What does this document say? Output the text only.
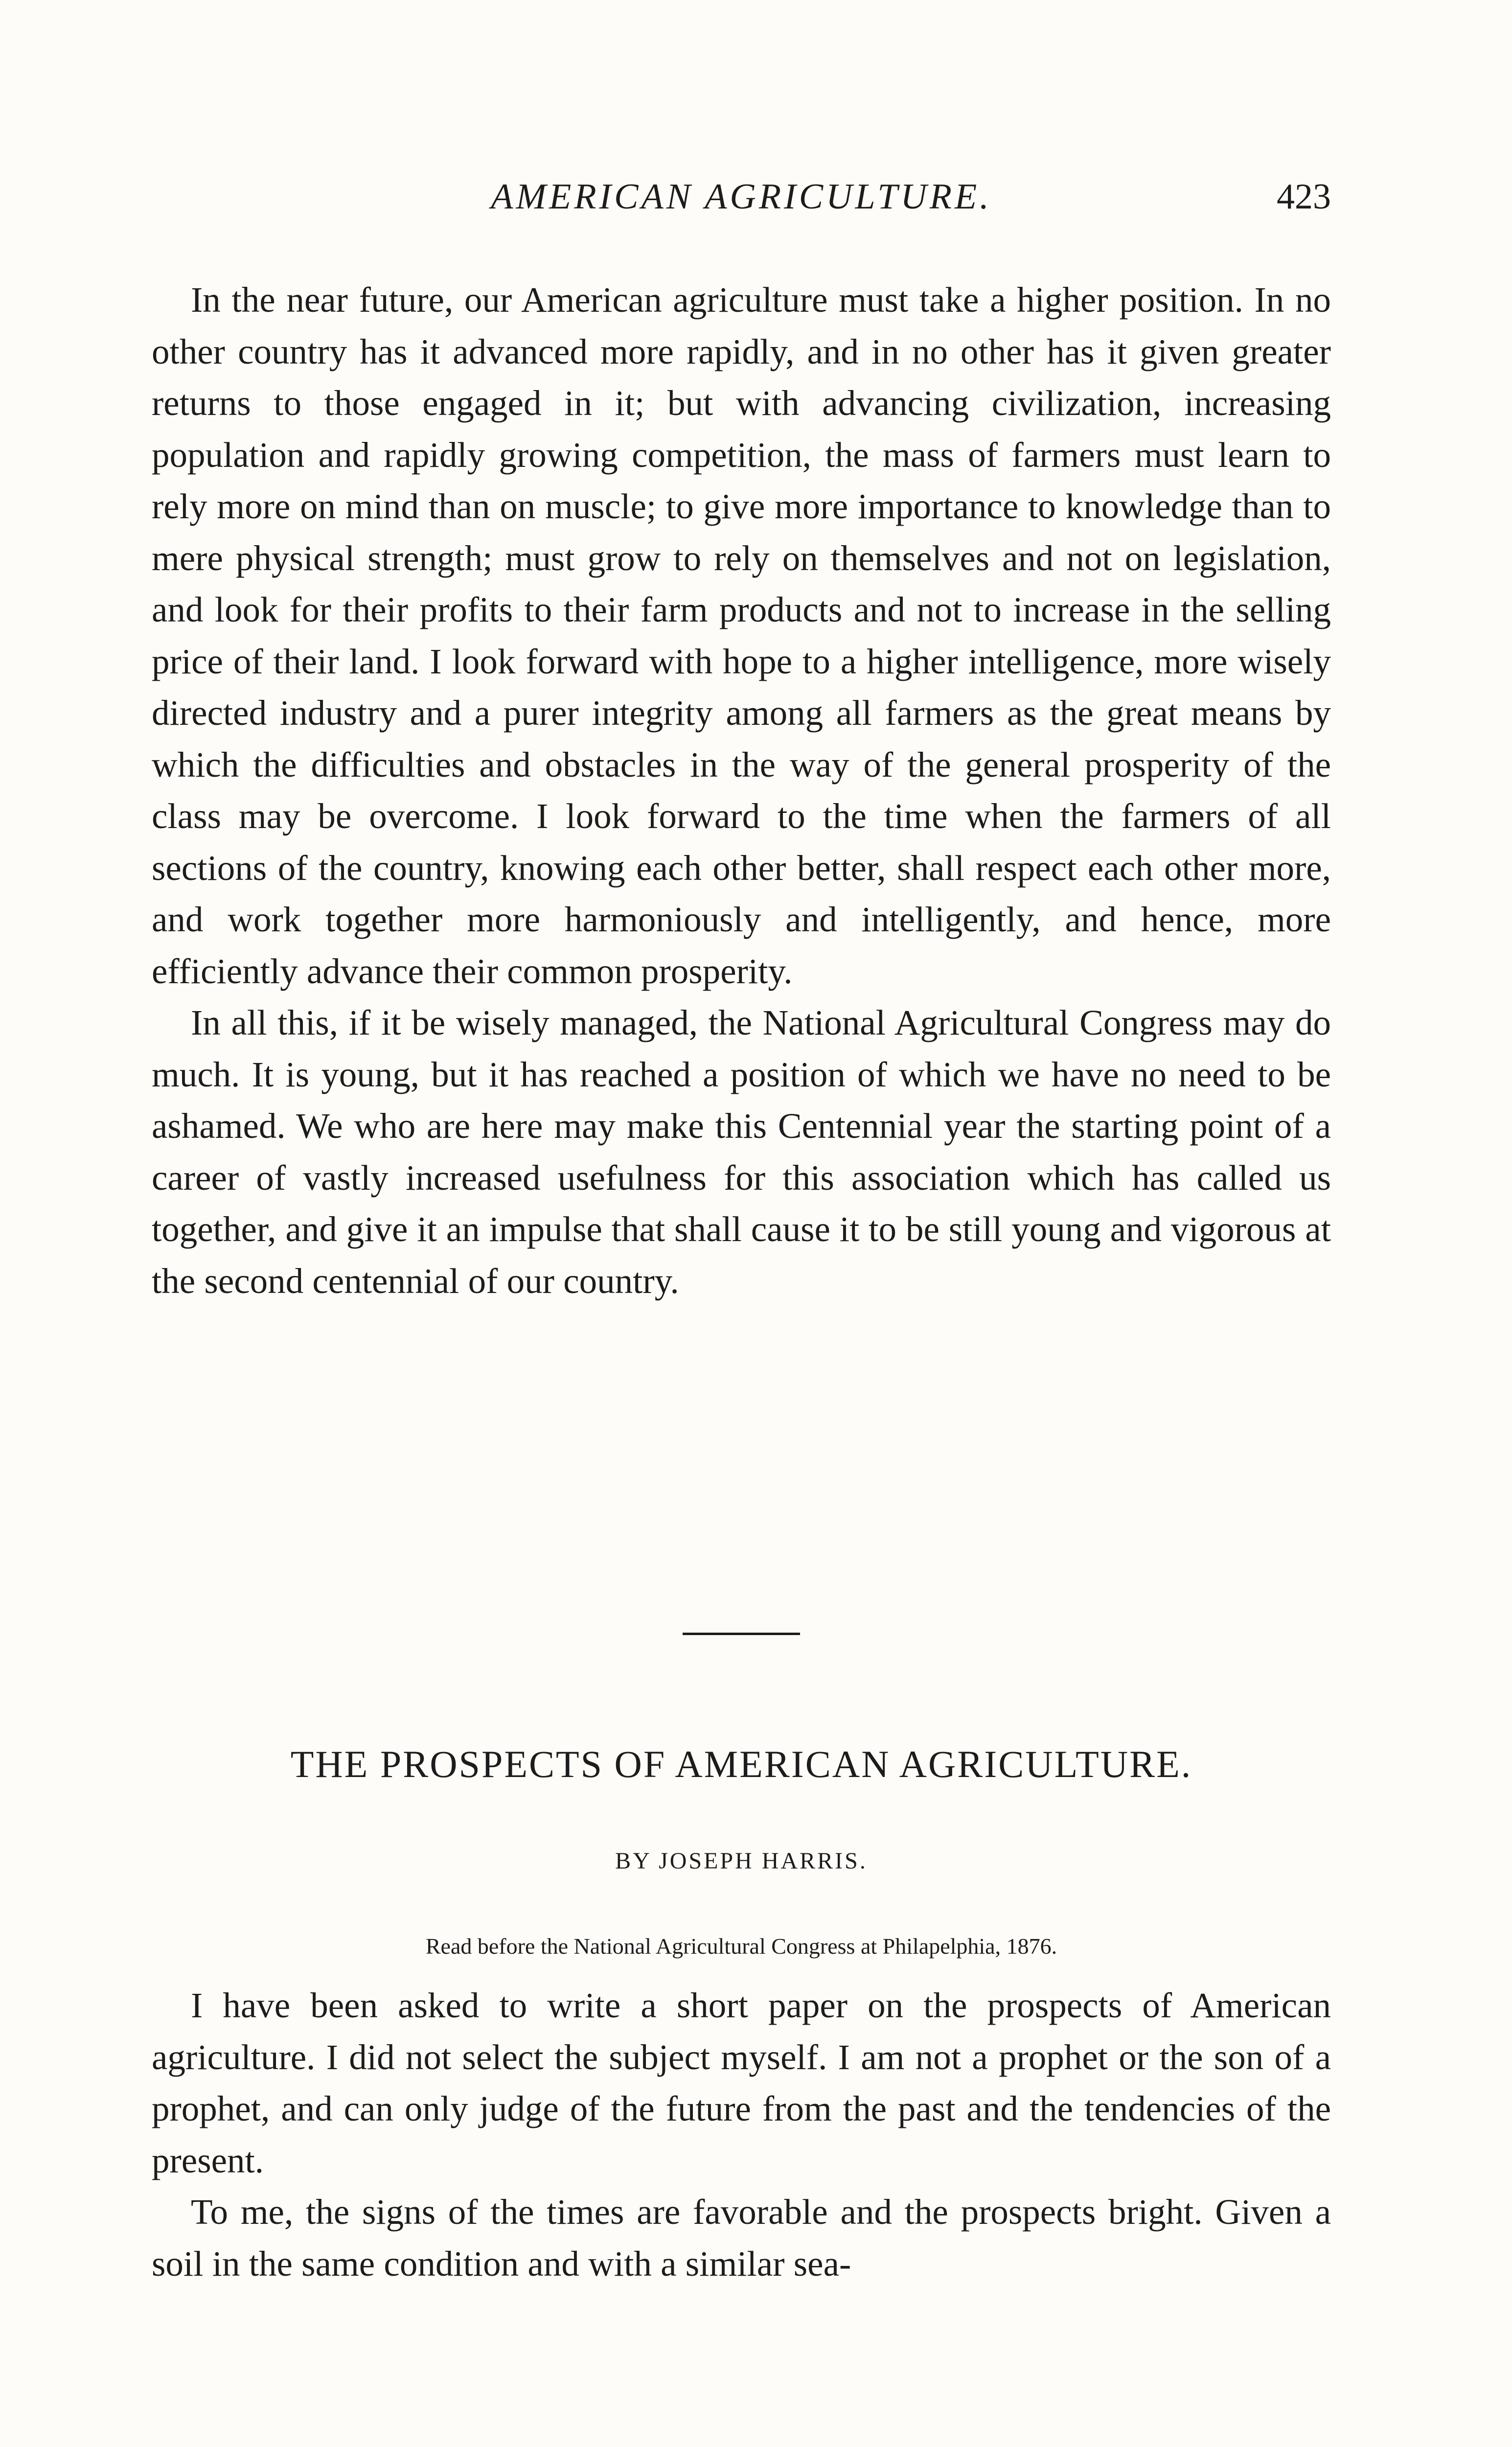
AMERICAN AGRICULTURE.	423

In the near future, our American agriculture must take a higher position. In no other country has it advanced more rapidly, and in no other has it given greater returns to those engaged in it; but with advancing civilization, increasing population and rapidly growing competition, the mass of farmers must learn to rely more on mind than on muscle; to give more importance to knowledge than to mere physical strength; must grow to rely on themselves and not on legislation, and look for their profits to their farm products and not to increase in the selling price of their land. I look forward with hope to a higher intelligence, more wisely directed industry and a purer integrity among all farmers as the great means by which the difficulties and obstacles in the way of the general prosperity of the class may be overcome. I look forward to the time when the farmers of all sections of the country, knowing each other better, shall respect each other more, and work together more harmoniously and intelligently, and hence, more efficiently advance their common prosperity.

In all this, if it be wisely managed, the National Agricultural Congress may do much. It is young, but it has reached a position of which we have no need to be ashamed. We who are here may make this Centennial year the starting point of a career of vastly increased usefulness for this association which has called us together, and give it an impulse that shall cause it to be still young and vigorous at the second centennial of our country.

THE PROSPECTS OF AMERICAN AGRICULTURE.
BY JOSEPH HARRIS.
Read before the National Agricultural Congress at Philapelphia, 1876.

I have been asked to write a short paper on the prospects of American agriculture. I did not select the subject myself. I am not a prophet or the son of a prophet, and can only judge of the future from the past and the tendencies of the present.

To me, the signs of the times are favorable and the prospects bright. Given a soil in the same condition and with a similar sea-
